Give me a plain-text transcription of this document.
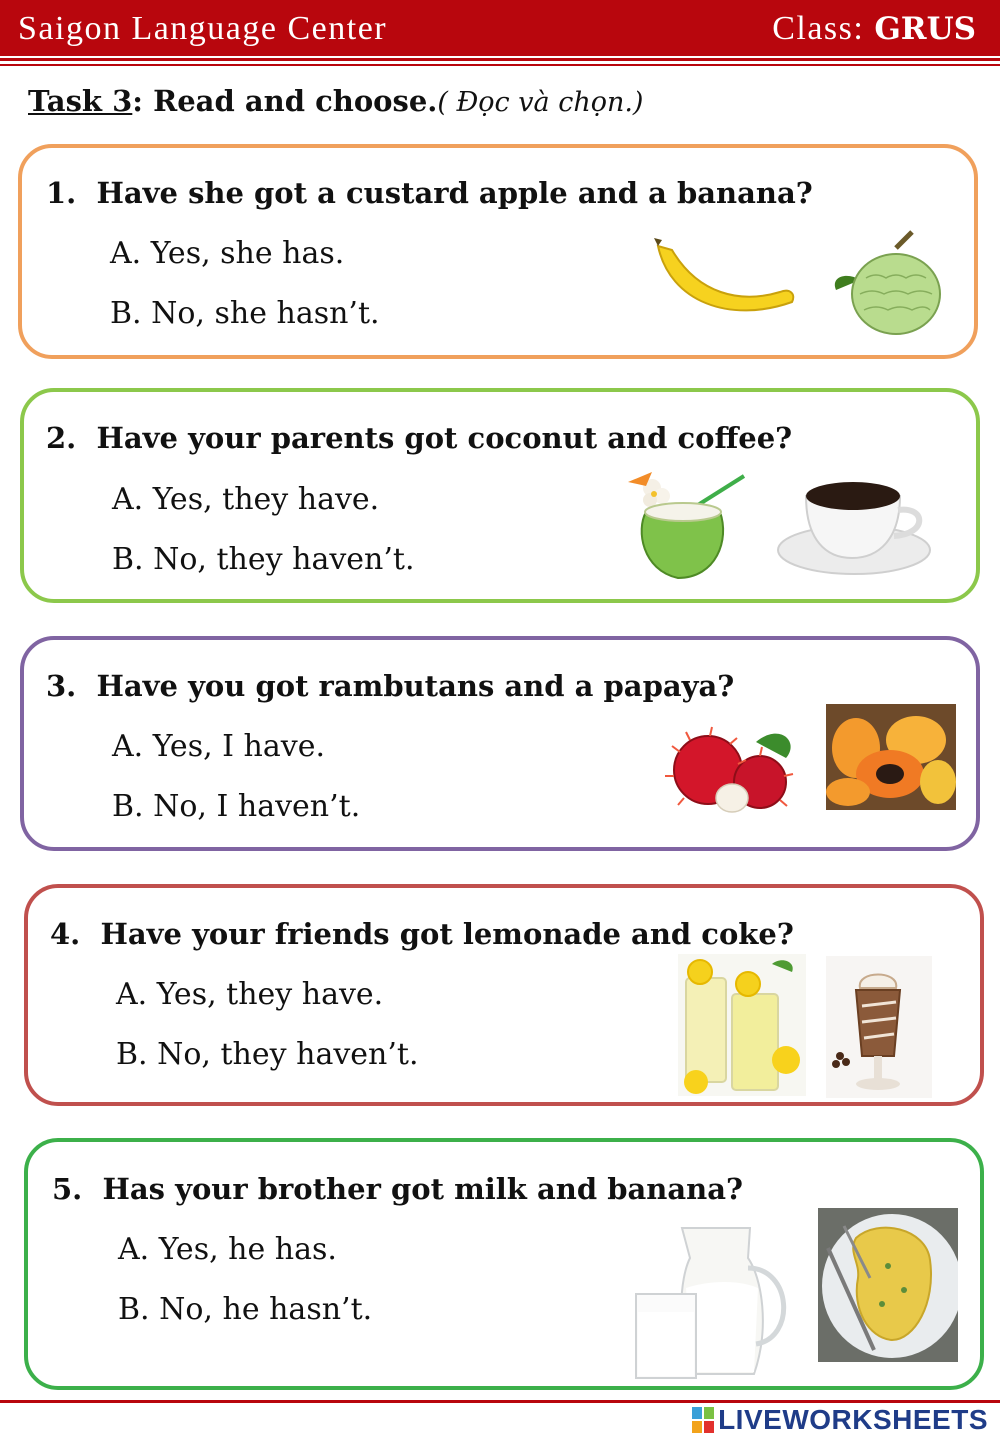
Saigon Language Center	Class: GRUS
Task 3: Read and choose.( Đọc và chọn.)
1. Have she got a custard apple and a banana?
A. Yes, she has.
B. No, she hasn’t.
2. Have your parents got coconut and coffee?
A. Yes, they have.
B. No, they haven’t.
3. Have you got rambutans and a papaya?
A. Yes, I have.
B. No, I haven’t.
4. Have your friends got lemonade and coke?
A. Yes, they have.
B. No, they haven’t.
5. Has your brother got milk and banana?
A. Yes, he has.
B. No, he hasn’t.
LIVEWORKSHEETS
